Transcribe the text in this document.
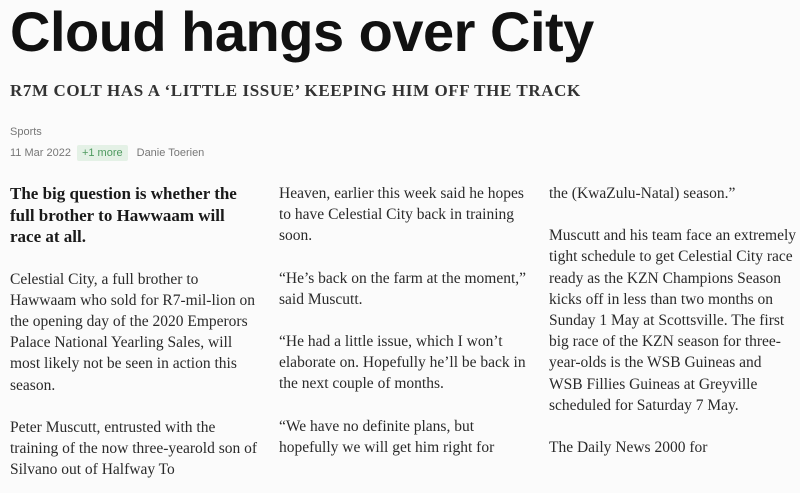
Cloud hangs over City
R7M COLT HAS A ‘LITTLE ISSUE’ KEEPING HIM OFF THE TRACK
Sports
11 Mar 2022	+1 more	Danie Toerien

The big question is whether the full brother to Hawwaam will race at all.

Celestial City, a full brother to Hawwaam who sold for R7-mil-lion on the opening day of the 2020 Emperors Palace National Yearling Sales, will most likely not be seen in action this season.

Peter Muscutt, entrusted with the training of the now three-yearold son of Silvano out of Halfway To

Heaven, earlier this week said he hopes to have Celestial City back in training soon.

“He’s back on the farm at the moment,” said Muscutt.

“He had a little issue, which I won’t elaborate on. Hopefully he’ll be back in the next couple of months.

“We have no definite plans, but hopefully we will get him right for

the (KwaZulu-Natal) season.”

Muscutt and his team face an extremely tight schedule to get Celestial City race ready as the KZN Champions Season kicks off in less than two months on Sunday 1 May at Scottsville. The first big race of the KZN season for three-year-olds is the WSB Guineas and WSB Fillies Guineas at Greyville scheduled for Saturday 7 May.

The Daily News 2000 for
